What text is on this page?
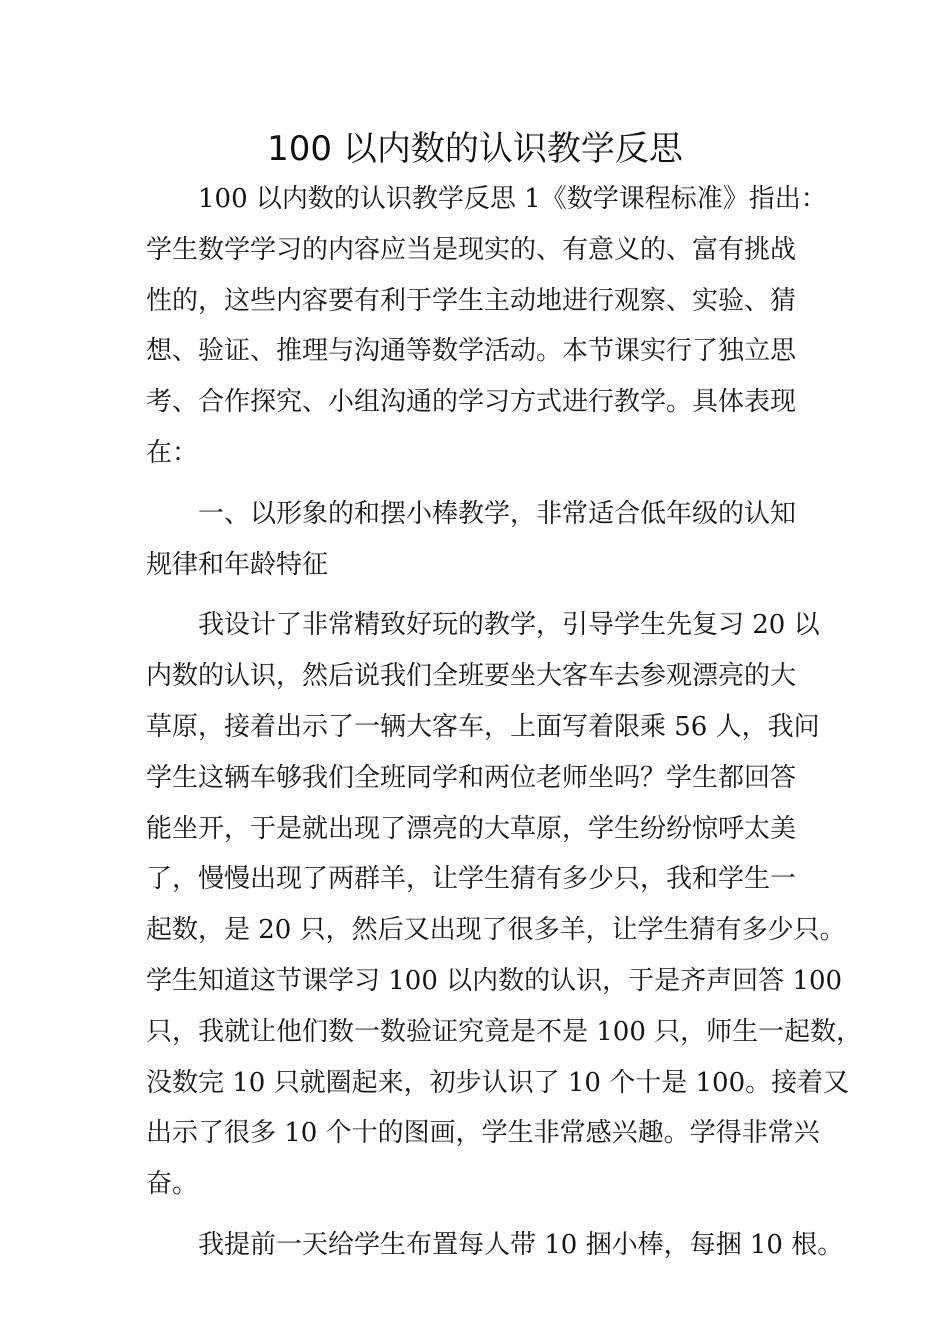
100 以内数的认识教学反思
100 以内数的认识教学反思 1《数学课程标准》指出：
学生数学学习的内容应当是现实的、有意义的、富有挑战
性的，这些内容要有利于学生主动地进行观察、实验、猜
想、验证、推理与沟通等数学活动。本节课实行了独立思
考、合作探究、小组沟通的学习方式进行教学。具体表现
在：
一、以形象的和摆小棒教学，非常适合低年级的认知
规律和年龄特征
我设计了非常精致好玩的教学，引导学生先复习 20 以
内数的认识，然后说我们全班要坐大客车去参观漂亮的大
草原，接着出示了一辆大客车，上面写着限乘 56 人，我问
学生这辆车够我们全班同学和两位老师坐吗？学生都回答
能坐开，于是就出现了漂亮的大草原，学生纷纷惊呼太美
了，慢慢出现了两群羊，让学生猜有多少只，我和学生一
起数，是 20 只，然后又出现了很多羊，让学生猜有多少只。
学生知道这节课学习 100 以内数的认识，于是齐声回答 100
只，我就让他们数一数验证究竟是不是 100 只，师生一起数，
没数完 10 只就圈起来，初步认识了 10 个十是 100。接着又
出示了很多 10 个十的图画，学生非常感兴趣。学得非常兴
奋。
我提前一天给学生布置每人带 10 捆小棒，每捆 10 根。
